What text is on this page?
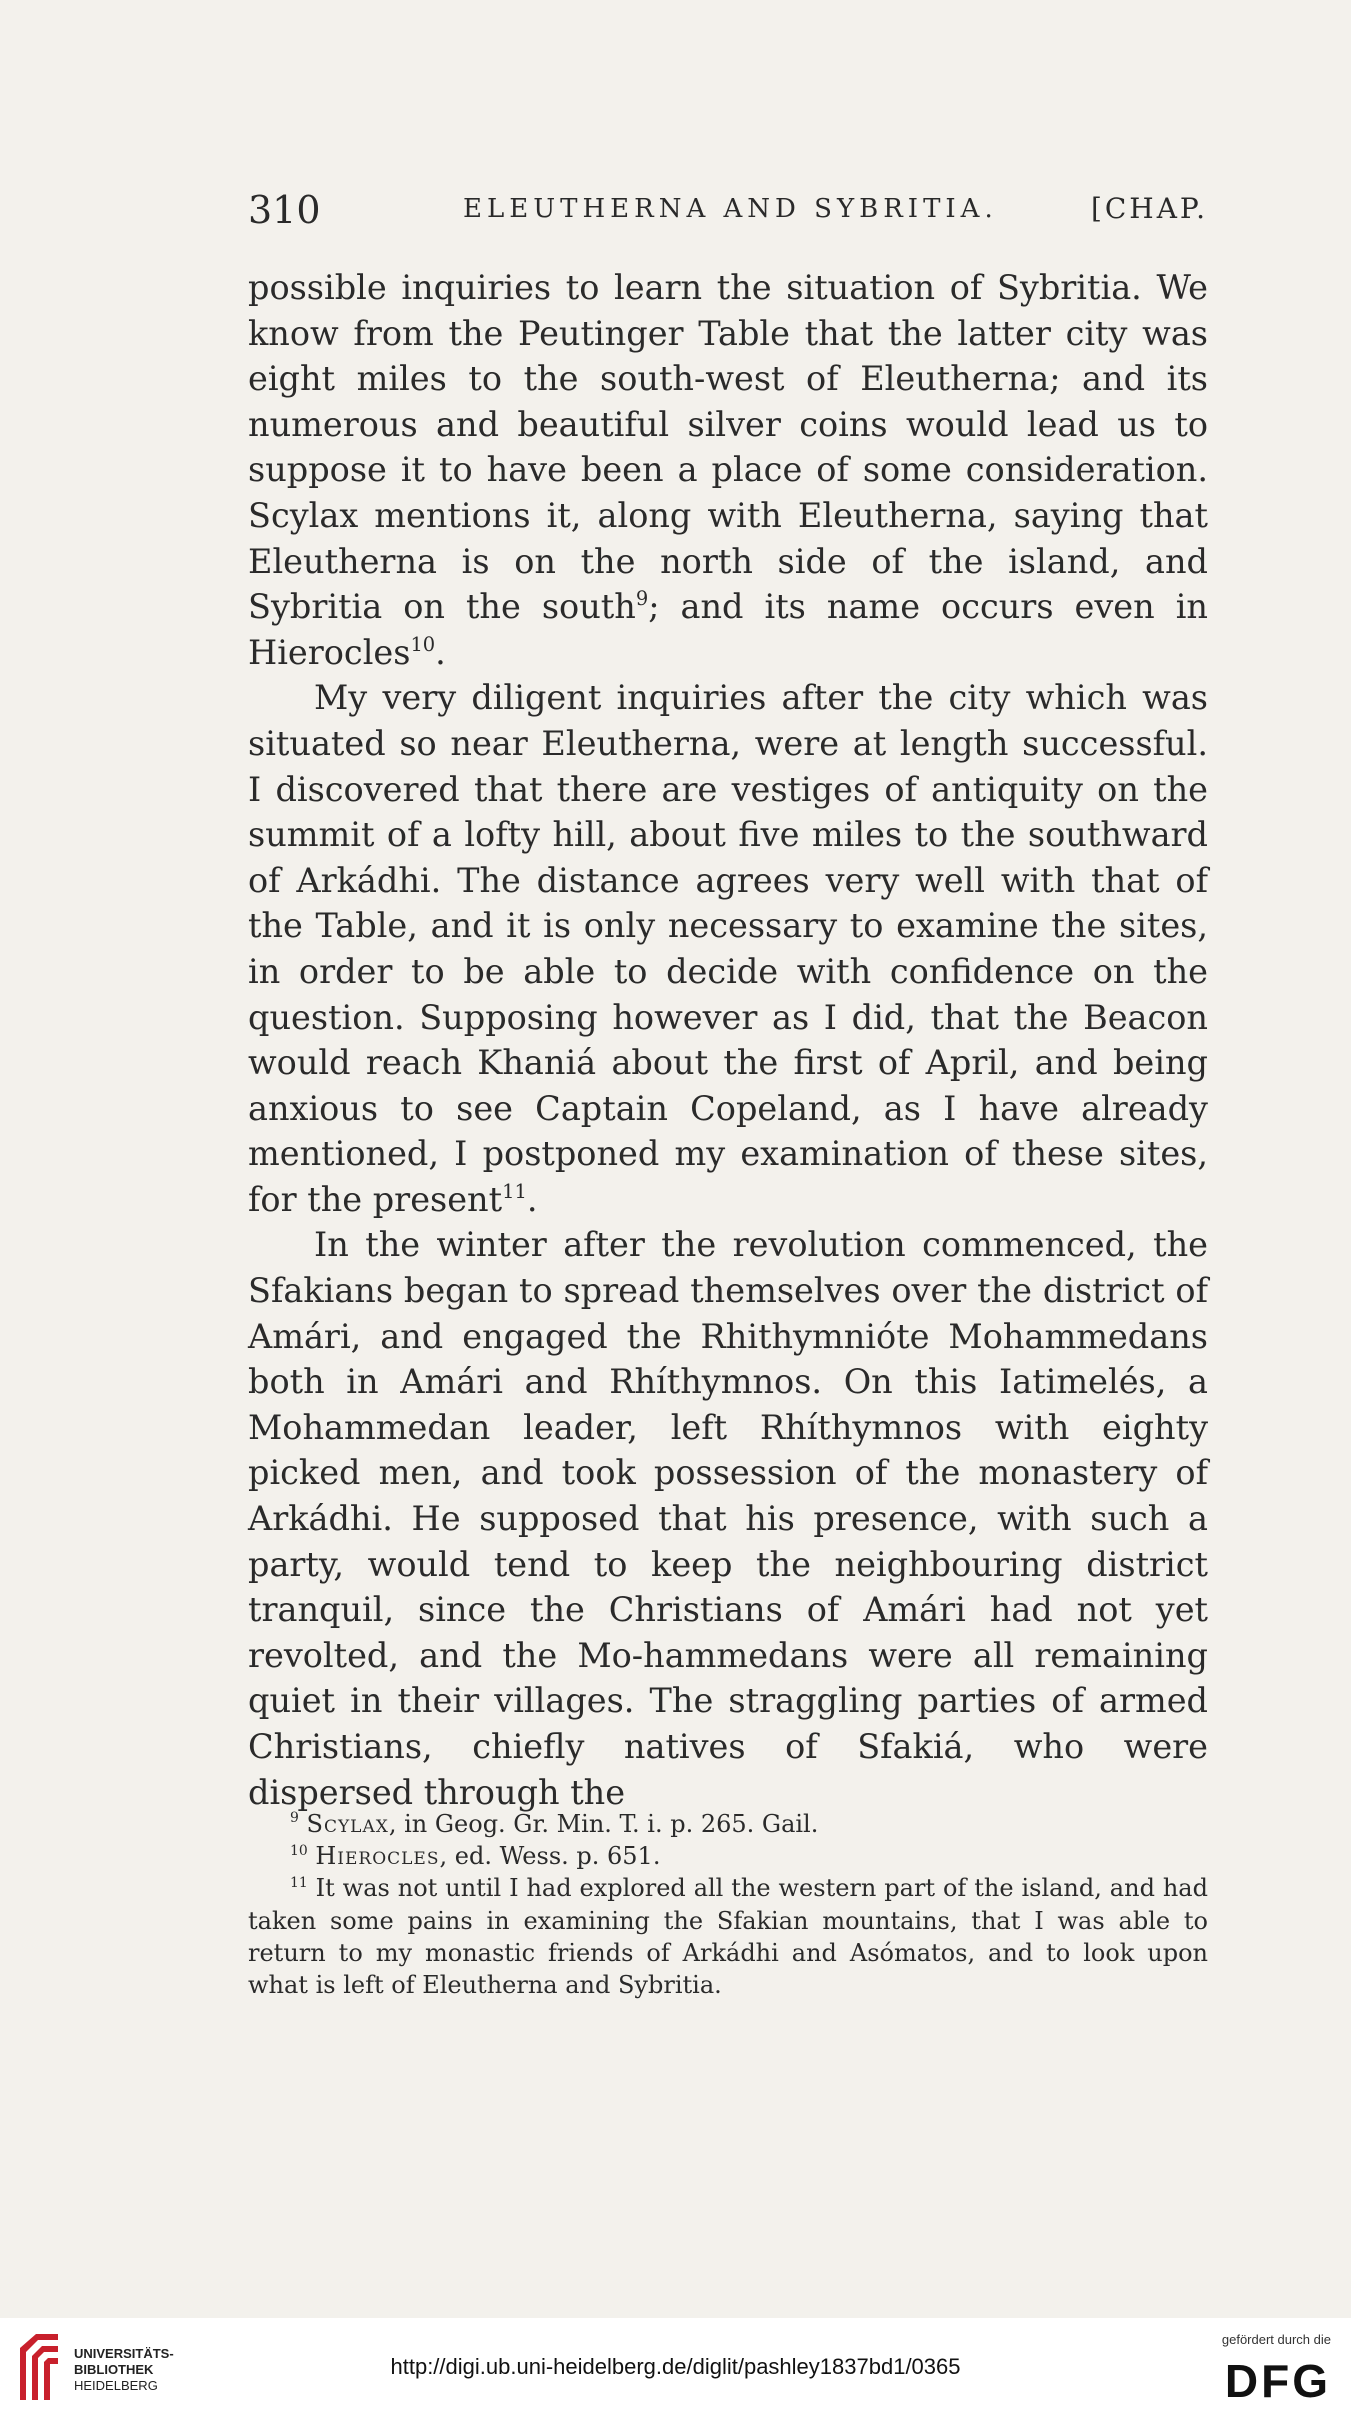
310	ELEUTHERNA AND SYBRITIA.	[CHAP.

possible inquiries to learn the situation of Sybritia. We know from the Peutinger Table that the latter city was eight miles to the south-west of Eleutherna; and its numerous and beautiful silver coins would lead us to suppose it to have been a place of some consideration. Scylax mentions it, along with Eleutherna, saying that Eleutherna is on the north side of the island, and Sybritia on the south$^9$; and its name occurs even in Hierocles$^{10}$.

My very diligent inquiries after the city which was situated so near Eleutherna, were at length successful. I discovered that there are vestiges of antiquity on the summit of a lofty hill, about five miles to the southward of Arkádhi. The distance agrees very well with that of the Table, and it is only necessary to examine the sites, in order to be able to decide with confidence on the question. Supposing however as I did, that the Beacon would reach Khaniá about the first of April, and being anxious to see Captain Copeland, as I have already mentioned, I postponed my examination of these sites, for the present$^{11}$.

In the winter after the revolution commenced, the Sfakians began to spread themselves over the district of Amári, and engaged the Rhithymnióte Mohammedans both in Amári and Rhíthymnos. On this Iatimelés, a Mohammedan leader, left Rhíthymnos with eighty picked men, and took possession of the monastery of Arkádhi. He supposed that his presence, with such a party, would tend to keep the neighbouring district tranquil, since the Christians of Amári had not yet revolted, and the Mo-hammedans were all remaining quiet in their villages. The straggling parties of armed Christians, chiefly natives of Sfakiá, who were dispersed through the

$^9$ Scylax, in Geog. Gr. Min. T. i. p. 265. Gail.

$^{10}$ Hierocles, ed. Wess. p. 651.

$^{11}$ It was not until I had explored all the western part of the island, and had taken some pains in examining the Sfakian mountains, that I was able to return to my monastic friends of Arkádhi and Asómatos, and to look upon what is left of Eleutherna and Sybritia.

UNIVERSITÄTS-
BIBLIOTHEK
HEIDELBERG
http://digi.ub.uni-heidelberg.de/diglit/pashley1837bd1/0365
gefördert durch die
DFG
